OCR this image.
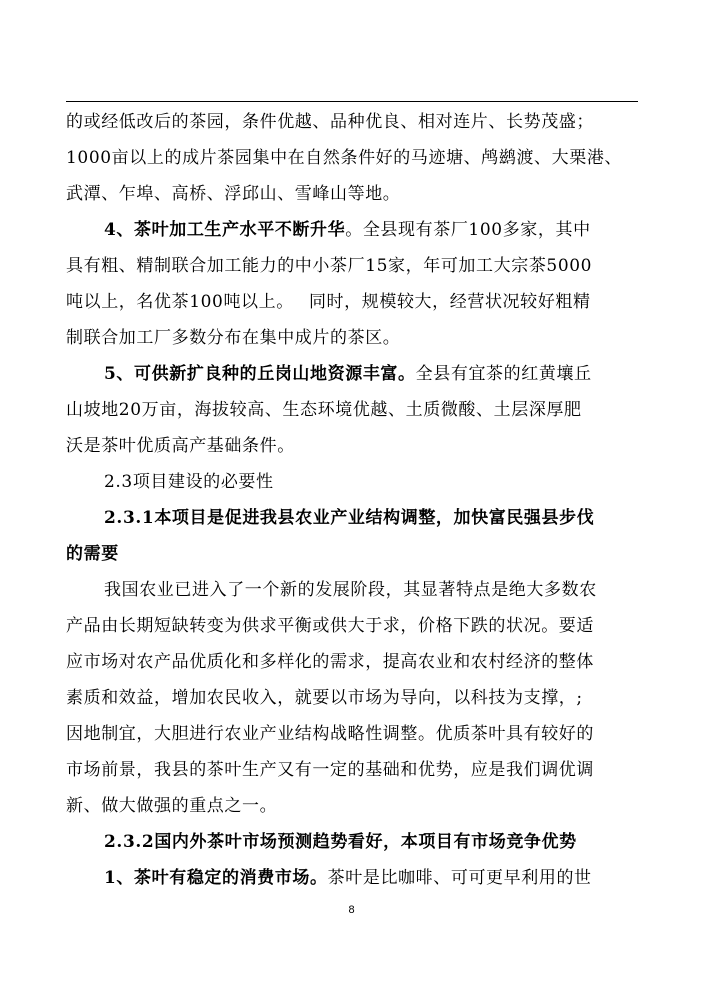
的或经低改后的茶园，条件优越、品种优良、相对连片、长势茂盛；
1000亩以上的成片茶园集中在自然条件好的马迹塘、鸬鹚渡、大栗港、
武潭、乍埠、高桥、浮邱山、雪峰山等地。
4、茶叶加工生产水平不断升华。全县现有茶厂100多家，其中
具有粗、精制联合加工能力的中小茶厂15家，年可加工大宗茶5000
吨以上，名优茶100吨以上。　 同时，规模较大，经营状况较好粗精
制联合加工厂多数分布在集中成片的茶区。
5、可供新扩良种的丘岗山地资源丰富。全县有宜茶的红黄壤丘
山坡地20万亩，海拔较高、生态环境优越、土质微酸、土层深厚肥
沃是茶叶优质高产基础条件。
2.3项目建设的必要性
2.3.1本项目是促进我县农业产业结构调整，加快富民强县步伐
的需要
我国农业已进入了一个新的发展阶段，其显著特点是绝大多数农
产品由长期短缺转变为供求平衡或供大于求，价格下跌的状况。要适
应市场对农产品优质化和多样化的需求，提高农业和农村经济的整体
素质和效益，增加农民收入，就要以市场为导向，以科技为支撑，;
因地制宜，大胆进行农业产业结构战略性调整。优质茶叶具有较好的
市场前景，我县的茶叶生产又有一定的基础和优势，应是我们调优调
新、做大做强的重点之一。
2.3.2国内外茶叶市场预测趋势看好，本项目有市场竞争优势
1、茶叶有稳定的消费市场。茶叶是比咖啡、可可更早利用的世
8
